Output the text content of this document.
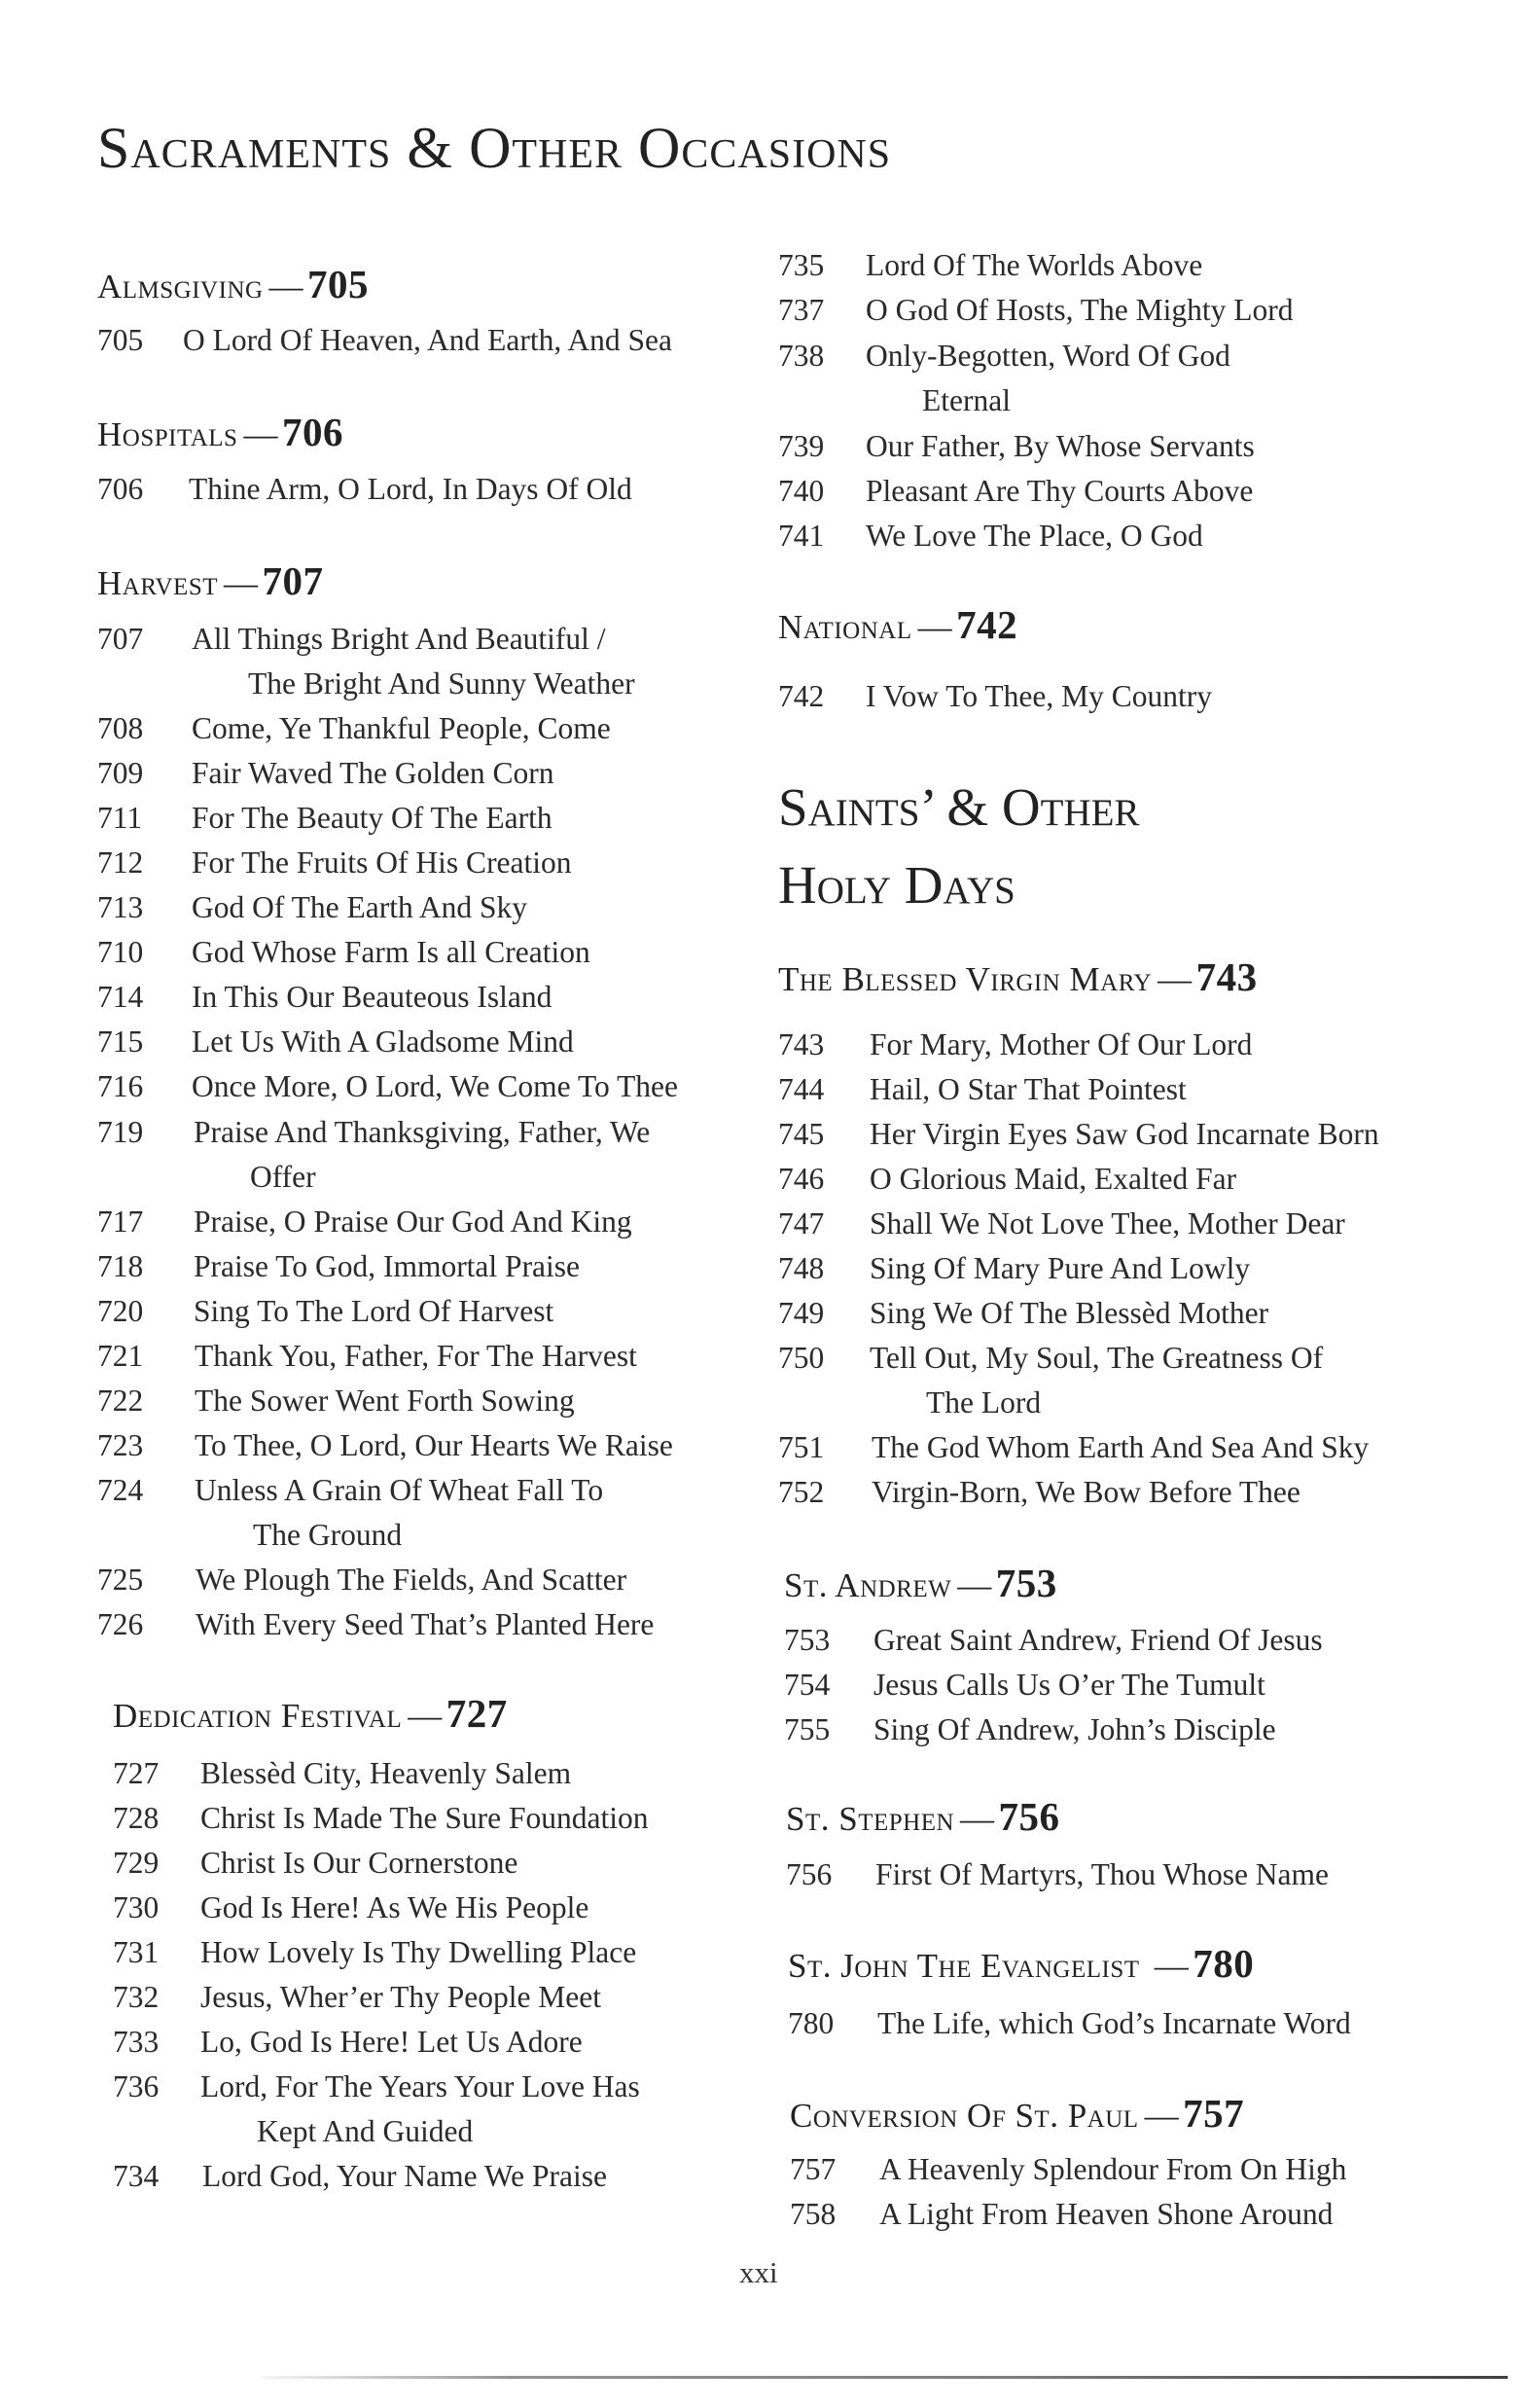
Sacraments & Other Occasions
Almsgiving —705
705 O Lord Of Heaven, And Earth, And Sea
Hospitals —706
706 Thine Arm, O Lord, In Days Of Old
Harvest —707
707 All Things Bright And Beautiful /
The Bright And Sunny Weather
708 Come, Ye Thankful People, Come
709 Fair Waved The Golden Corn
711 For The Beauty Of The Earth
712 For The Fruits Of His Creation
713 God Of The Earth And Sky
710 God Whose Farm Is all Creation
714 In This Our Beauteous Island
715 Let Us With A Gladsome Mind
716 Once More, O Lord, We Come To Thee
719 Praise And Thanksgiving, Father, We
Offer
717 Praise, O Praise Our God And King
718 Praise To God, Immortal Praise
720 Sing To The Lord Of Harvest
721 Thank You, Father, For The Harvest
722 The Sower Went Forth Sowing
723 To Thee, O Lord, Our Hearts We Raise
724 Unless A Grain Of Wheat Fall To
The Ground
725 We Plough The Fields, And Scatter
726 With Every Seed That’s Planted Here
Dedication Festival —727
727 Blessèd City, Heavenly Salem
728 Christ Is Made The Sure Foundation
729 Christ Is Our Cornerstone
730 God Is Here! As We His People
731 How Lovely Is Thy Dwelling Place
732 Jesus, Wher’er Thy People Meet
733 Lo, God Is Here! Let Us Adore
736 Lord, For The Years Your Love Has
Kept And Guided
734 Lord God, Your Name We Praise
735 Lord Of The Worlds Above
737 O God Of Hosts, The Mighty Lord
738 Only-Begotten, Word Of God
Eternal
739 Our Father, By Whose Servants
740 Pleasant Are Thy Courts Above
741 We Love The Place, O God
National —742
742 I Vow To Thee, My Country
Saints’ & Other
Holy Days
The Blessed Virgin Mary —743
743 For Mary, Mother Of Our Lord
744 Hail, O Star That Pointest
745 Her Virgin Eyes Saw God Incarnate Born
746 O Glorious Maid, Exalted Far
747 Shall We Not Love Thee, Mother Dear
748 Sing Of Mary Pure And Lowly
749 Sing We Of The Blessèd Mother
750 Tell Out, My Soul, The Greatness Of
The Lord
751 The God Whom Earth And Sea And Sky
752 Virgin-Born, We Bow Before Thee
St. Andrew —753
753 Great Saint Andrew, Friend Of Jesus
754 Jesus Calls Us O’er The Tumult
755 Sing Of Andrew, John’s Disciple
St. Stephen —756
756 First Of Martyrs, Thou Whose Name
St. John The Evangelist —780
780 The Life, which God’s Incarnate Word
Conversion Of St. Paul —757
757 A Heavenly Splendour From On High
758 A Light From Heaven Shone Around
xxi
